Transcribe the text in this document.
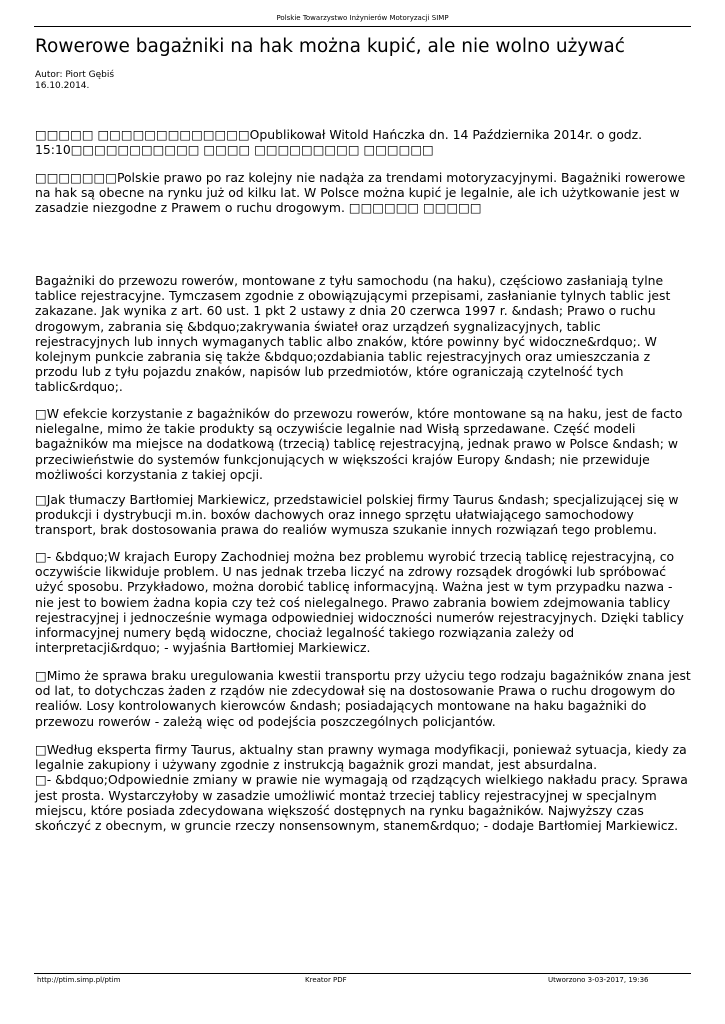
Polskie Towarzystwo Inżynierów Motoryzacji SIMP
Rowerowe bagażniki na hak można kupić, ale nie wolno używać
Autor: Piort Gębiś
16.10.2014.
□□□□□ □□□□□□□□□□□□□Opublikował Witold Hańczka dn. 14 Października 2014r. o godz. 15:10□□□□□□□□□□□ □□□□ □□□□□□□□□ □□□□□□
□□□□□□□Polskie prawo po raz kolejny nie nadąża za trendami motoryzacyjnymi. Bagażniki rowerowe na hak są obecne na rynku już od kilku lat. W Polsce można kupić je legalnie, ale ich użytkowanie jest w zasadzie niezgodne z Prawem o ruchu drogowym. □□□□□□ □□□□□
Bagażniki do przewozu rowerów, montowane z tyłu samochodu (na haku), częściowo zasłaniają tylne tablice rejestracyjne. Tymczasem zgodnie z obowiązującymi przepisami, zasłanianie tylnych tablic jest zakazane. Jak wynika z art. 60 ust. 1 pkt 2 ustawy z dnia 20 czerwca 1997 r. &ndash; Prawo o ruchu drogowym, zabrania się &bdquo;zakrywania świateł oraz urządzeń sygnalizacyjnych, tablic rejestracyjnych lub innych wymaganych tablic albo znaków, które powinny być widoczne&rdquo;. W kolejnym punkcie zabrania się także &bdquo;ozdabiania tablic rejestracyjnych oraz umieszczania z przodu lub z tyłu pojazdu znaków, napisów lub przedmiotów, które ograniczają czytelność tych tablic&rdquo;.
□W efekcie korzystanie z bagażników do przewozu rowerów, które montowane są na haku, jest de facto nielegalne, mimo że takie produkty są oczywiście legalnie nad Wisłą sprzedawane. Część modeli bagażników ma miejsce na dodatkową (trzecią) tablicę rejestracyjną, jednak prawo w Polsce &ndash; w przeciwieństwie do systemów funkcjonujących w większości krajów Europy &ndash; nie przewiduje możliwości korzystania z takiej opcji.
□Jak tłumaczy Bartłomiej Markiewicz, przedstawiciel polskiej firmy Taurus &ndash; specjalizującej się w produkcji i dystrybucji m.in. boxów dachowych oraz innego sprzętu ułatwiającego samochodowy transport, brak dostosowania prawa do realiów wymusza szukanie innych rozwiązań tego problemu.
□- &bdquo;W krajach Europy Zachodniej można bez problemu wyrobić trzecią tablicę rejestracyjną, co oczywiście likwiduje problem. U nas jednak trzeba liczyć na zdrowy rozsądek drogówki lub spróbować użyć sposobu. Przykładowo, można dorobić tablicę informacyjną. Ważna jest w tym przypadku nazwa - nie jest to bowiem żadna kopia czy też coś nielegalnego. Prawo zabrania bowiem zdejmowania tablicy rejestracyjnej i jednocześnie wymaga odpowiedniej widoczności numerów rejestracyjnych. Dzięki tablicy informacyjnej numery będą widoczne, chociaż legalność takiego rozwiązania zależy od interpretacji&rdquo; - wyjaśnia Bartłomiej Markiewicz.
□Mimo że sprawa braku uregulowania kwestii transportu przy użyciu tego rodzaju bagażników znana jest od lat, to dotychczas żaden z rządów nie zdecydował się na dostosowanie Prawa o ruchu drogowym do realiów. Losy kontrolowanych kierowców &ndash; posiadających montowane na haku bagażniki do przewozu rowerów - zależą więc od podejścia poszczególnych policjantów.
□Według eksperta firmy Taurus, aktualny stan prawny wymaga modyfikacji, ponieważ sytuacja, kiedy za legalnie zakupiony i używany zgodnie z instrukcją bagażnik grozi mandat, jest absurdalna.
□- &bdquo;Odpowiednie zmiany w prawie nie wymagają od rządzących wielkiego nakładu pracy. Sprawa jest prosta. Wystarczyłoby w zasadzie umożliwić montaż trzeciej tablicy rejestracyjnej w specjalnym miejscu, które posiada zdecydowana większość dostępnych na rynku bagażników. Najwyższy czas skończyć z obecnym, w gruncie rzeczy nonsensownym, stanem&rdquo; - dodaje Bartłomiej Markiewicz.
http://ptim.simp.pl/ptim	Kreator PDF	Utworzono 3-03-2017, 19:36
